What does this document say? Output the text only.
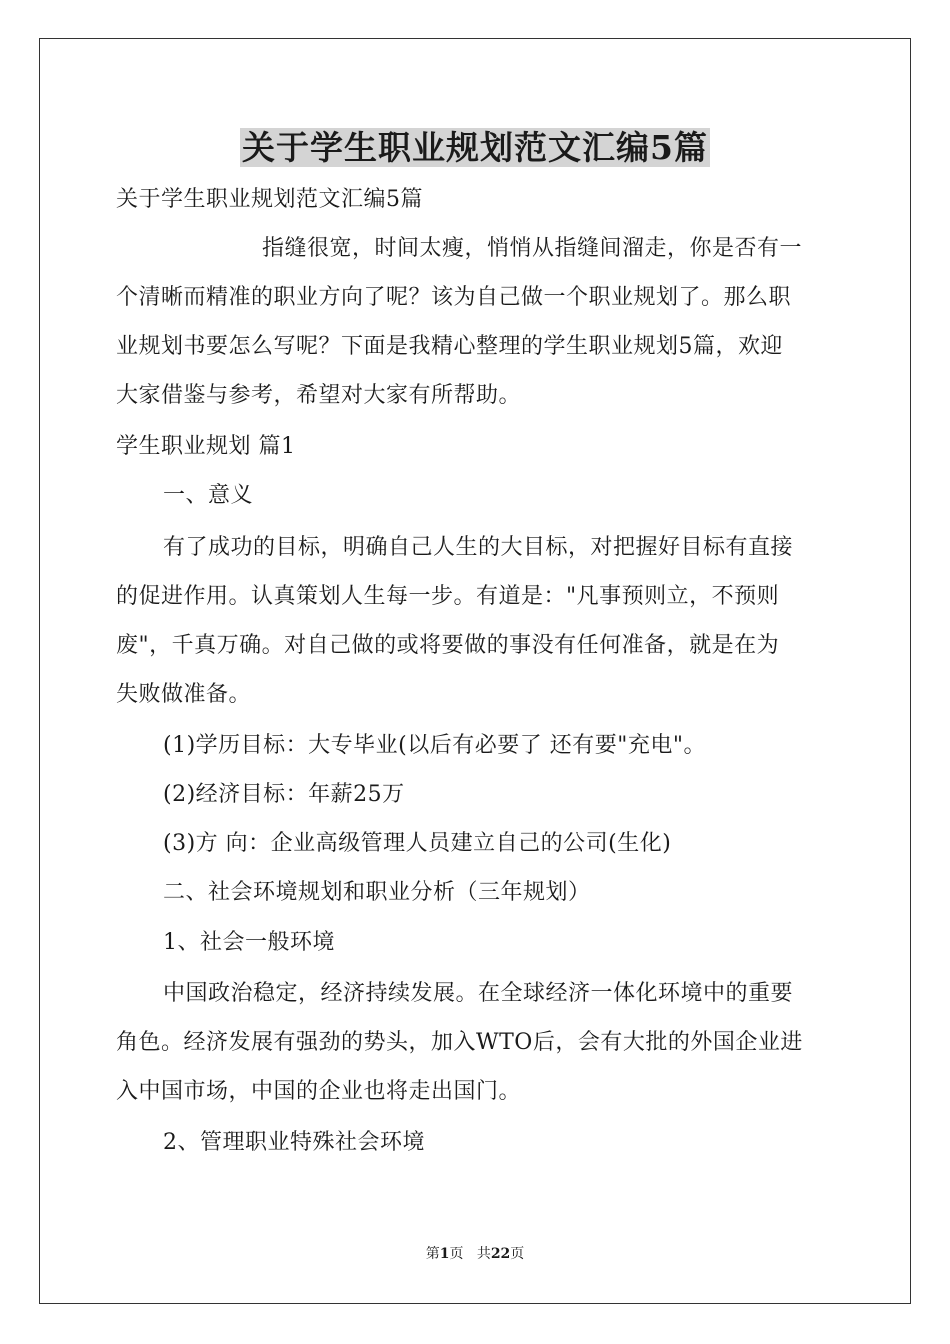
关于学生职业规划范文汇编5篇
关于学生职业规划范文汇编5篇
指缝很宽，时间太瘦，悄悄从指缝间溜走，你是否有一
个清晰而精准的职业方向了呢？该为自己做一个职业规划了。那么职
业规划书要怎么写呢？下面是我精心整理的学生职业规划5篇，欢迎
大家借鉴与参考，希望对大家有所帮助。
学生职业规划 篇1
一、意义
有了成功的目标，明确自己人生的大目标，对把握好目标有直接
的促进作用。认真策划人生每一步。有道是："凡事预则立，不预则
废"，千真万确。对自己做的或将要做的事没有任何准备，就是在为
失败做准备。
(1)学历目标：大专毕业(以后有必要了 还有要"充电"。
(2)经济目标：年薪25万
(3)方 向：企业高级管理人员建立自己的公司(生化)
二、社会环境规划和职业分析（三年规划）
1、社会一般环境
中国政治稳定，经济持续发展。在全球经济一体化环境中的重要
角色。经济发展有强劲的势头，加入WTO后，会有大批的外国企业进
入中国市场，中国的企业也将走出国门。
2、管理职业特殊社会环境
第1页 共22页
